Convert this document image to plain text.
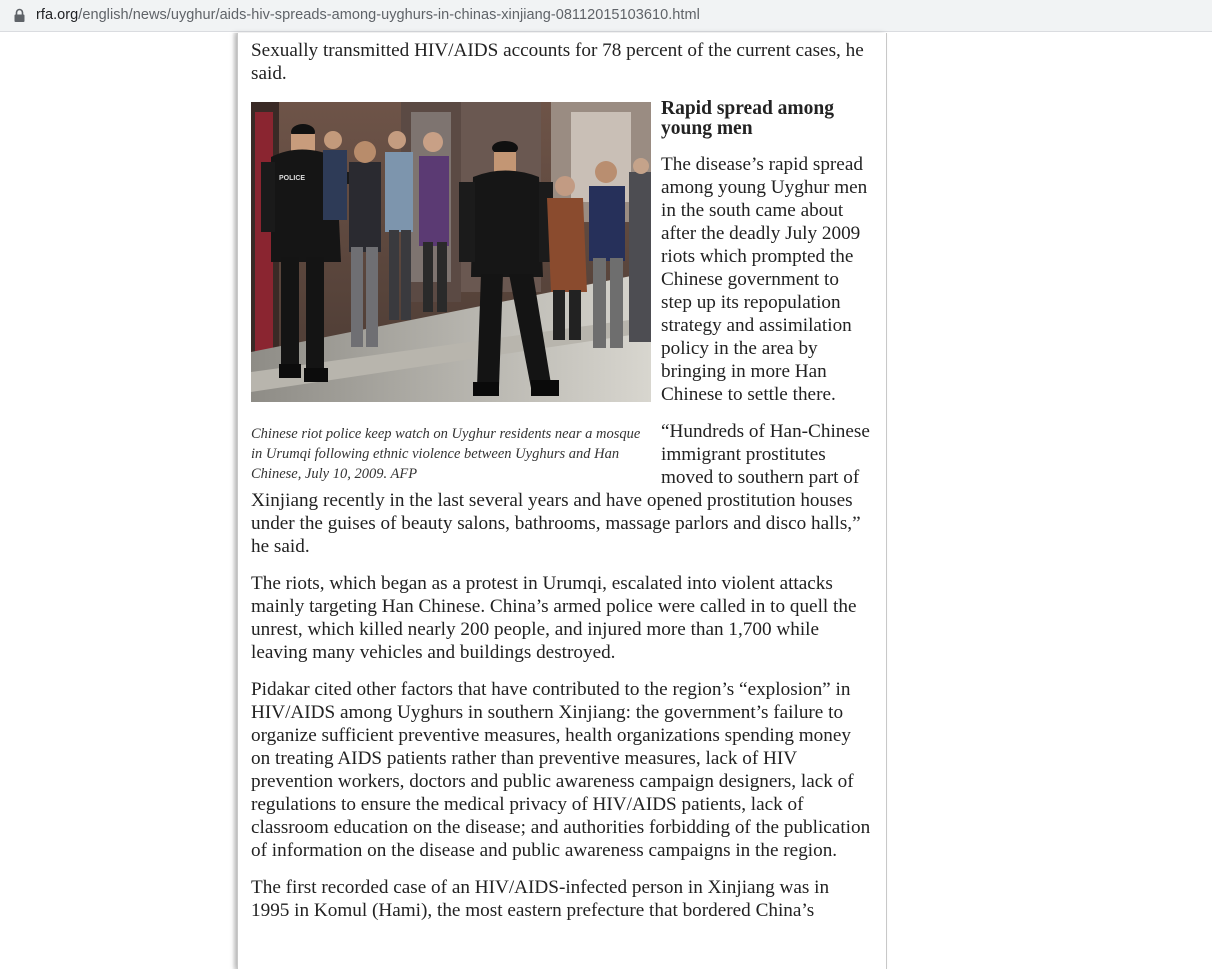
rfa.org/english/news/uyghur/aids-hiv-spreads-among-uyghurs-in-chinas-xinjiang-08112015103610.html

Sexually transmitted HIV/AIDS accounts for 78 percent of the current cases, he said.

POLICE
Chinese riot police keep watch on Uyghur residents near a mosque in Urumqi following ethnic violence between Uyghurs and Han Chinese, July 10, 2009. AFP
Rapid spread among young men

The disease’s rapid spread among young Uyghur men in the south came about after the deadly July 2009 riots which prompted the Chinese government to step up its repopulation strategy and assimilation policy in the area by bringing in more Han Chinese to settle there.

“Hundreds of Han-Chinese immigrant prostitutes moved to southern part of Xinjiang recently in the last several years and have opened prostitution houses under the guises of beauty salons, bathrooms, massage parlors and disco halls,” he said.

The riots, which began as a protest in Urumqi, escalated into violent attacks mainly targeting Han Chinese. China’s armed police were called in to quell the unrest, which killed nearly 200 people, and injured more than 1,700 while leaving many vehicles and buildings destroyed.

Pidakar cited other factors that have contributed to the region’s “explosion” in HIV/AIDS among Uyghurs in southern Xinjiang: the government’s failure to organize sufficient preventive measures, health organizations spending money on treating AIDS patients rather than preventive measures, lack of HIV prevention workers, doctors and public awareness campaign designers, lack of regulations to ensure the medical privacy of HIV/AIDS patients, lack of classroom education on the disease; and authorities forbidding of the publication of information on the disease and public awareness campaigns in the region.

The first recorded case of an HIV/AIDS-infected person in Xinjiang was in 1995 in Komul (Hami), the most eastern prefecture that bordered China’s
